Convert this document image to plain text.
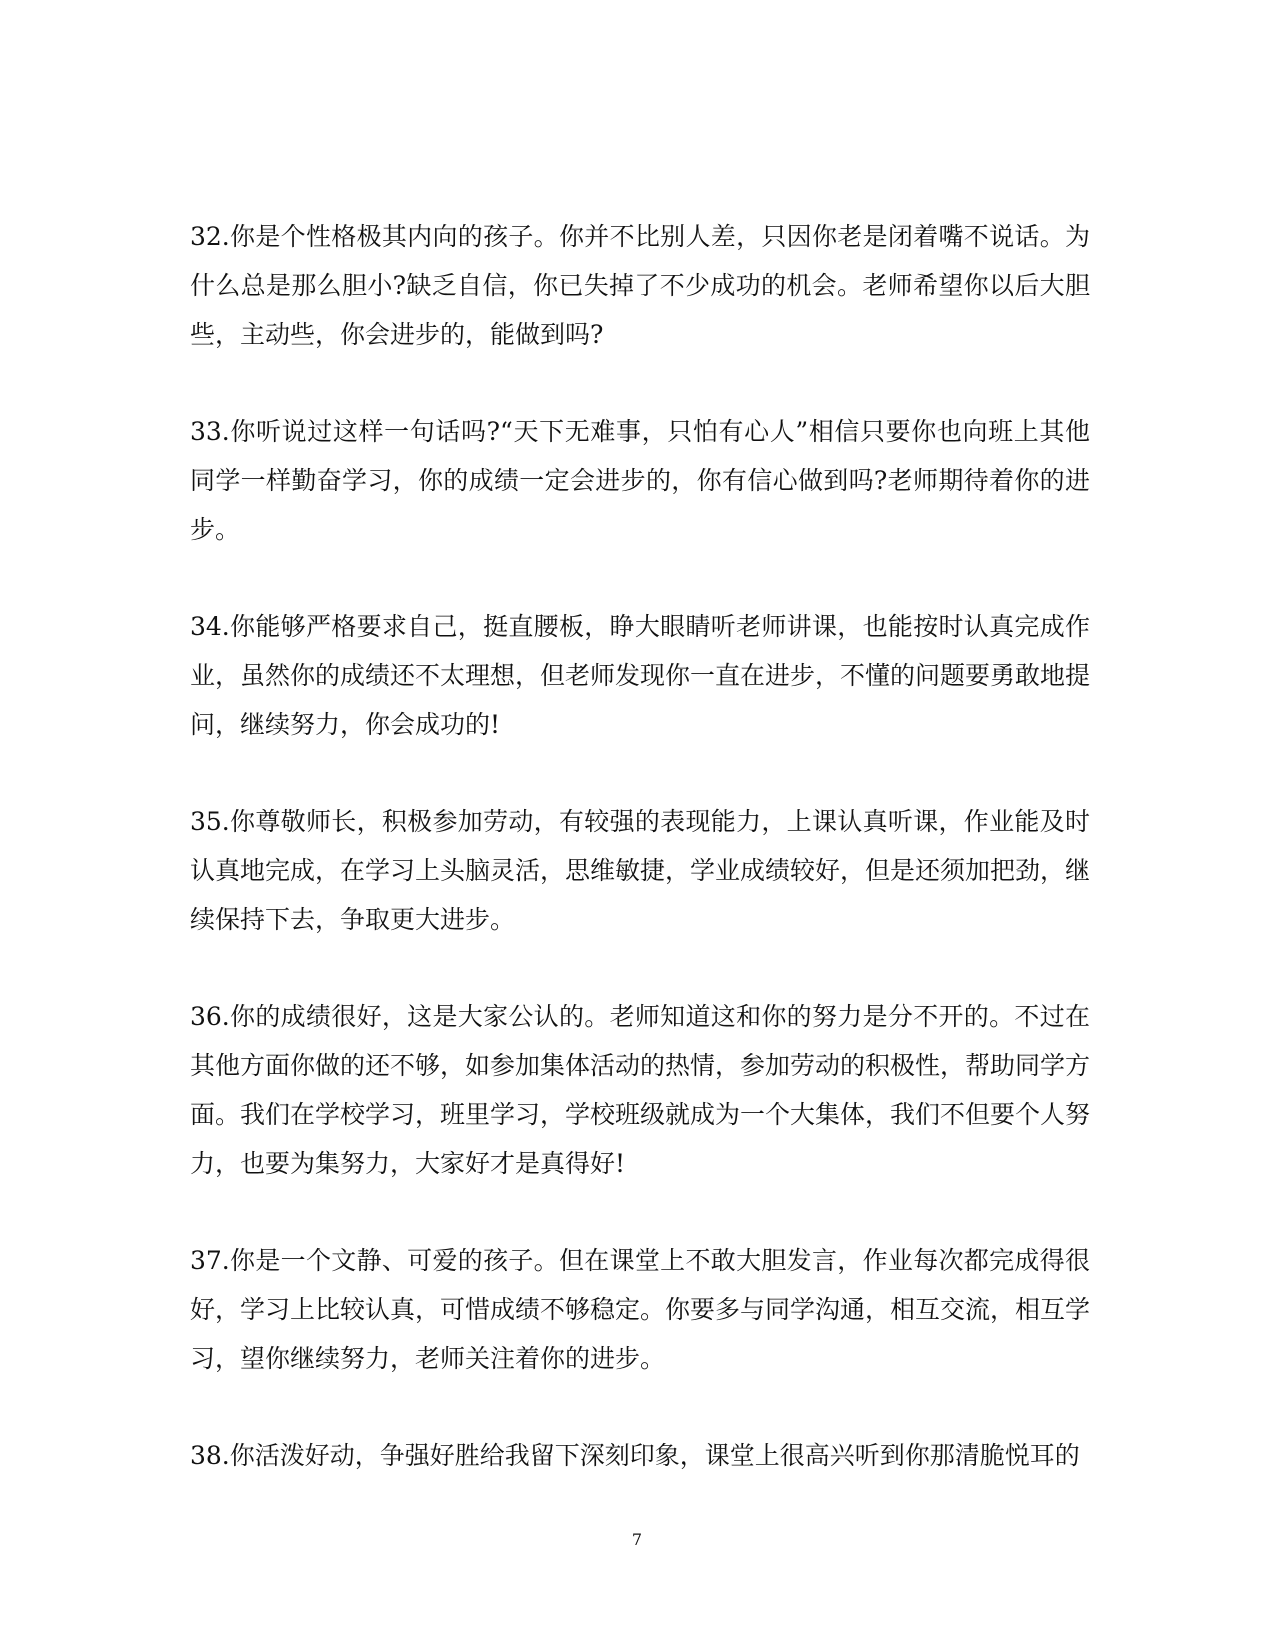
32.你是个性格极其内向的孩子。你并不比别人差，只因你老是闭着嘴不说话。为什么总是那么胆小?缺乏自信，你已失掉了不少成功的机会。老师希望你以后大胆些，主动些，你会进步的，能做到吗?

33.你听说过这样一句话吗?“天下无难事，只怕有心人”相信只要你也向班上其他同学一样勤奋学习，你的成绩一定会进步的，你有信心做到吗?老师期待着你的进步。

34.你能够严格要求自己，挺直腰板，睁大眼睛听老师讲课，也能按时认真完成作业，虽然你的成绩还不太理想，但老师发现你一直在进步，不懂的问题要勇敢地提问，继续努力，你会成功的!

35.你尊敬师长，积极参加劳动，有较强的表现能力，上课认真听课，作业能及时认真地完成，在学习上头脑灵活，思维敏捷，学业成绩较好，但是还须加把劲，继续保持下去，争取更大进步。

36.你的成绩很好，这是大家公认的。老师知道这和你的努力是分不开的。不过在其他方面你做的还不够，如参加集体活动的热情，参加劳动的积极性，帮助同学方面。我们在学校学习，班里学习，学校班级就成为一个大集体，我们不但要个人努力，也要为集努力，大家好才是真得好!

37.你是一个文静、可爱的孩子。但在课堂上不敢大胆发言，作业每次都完成得很好，学习上比较认真，可惜成绩不够稳定。你要多与同学沟通，相互交流，相互学习，望你继续努力，老师关注着你的进步。

38.你活泼好动，争强好胜给我留下深刻印象，课堂上很高兴听到你那清脆悦耳的

7
